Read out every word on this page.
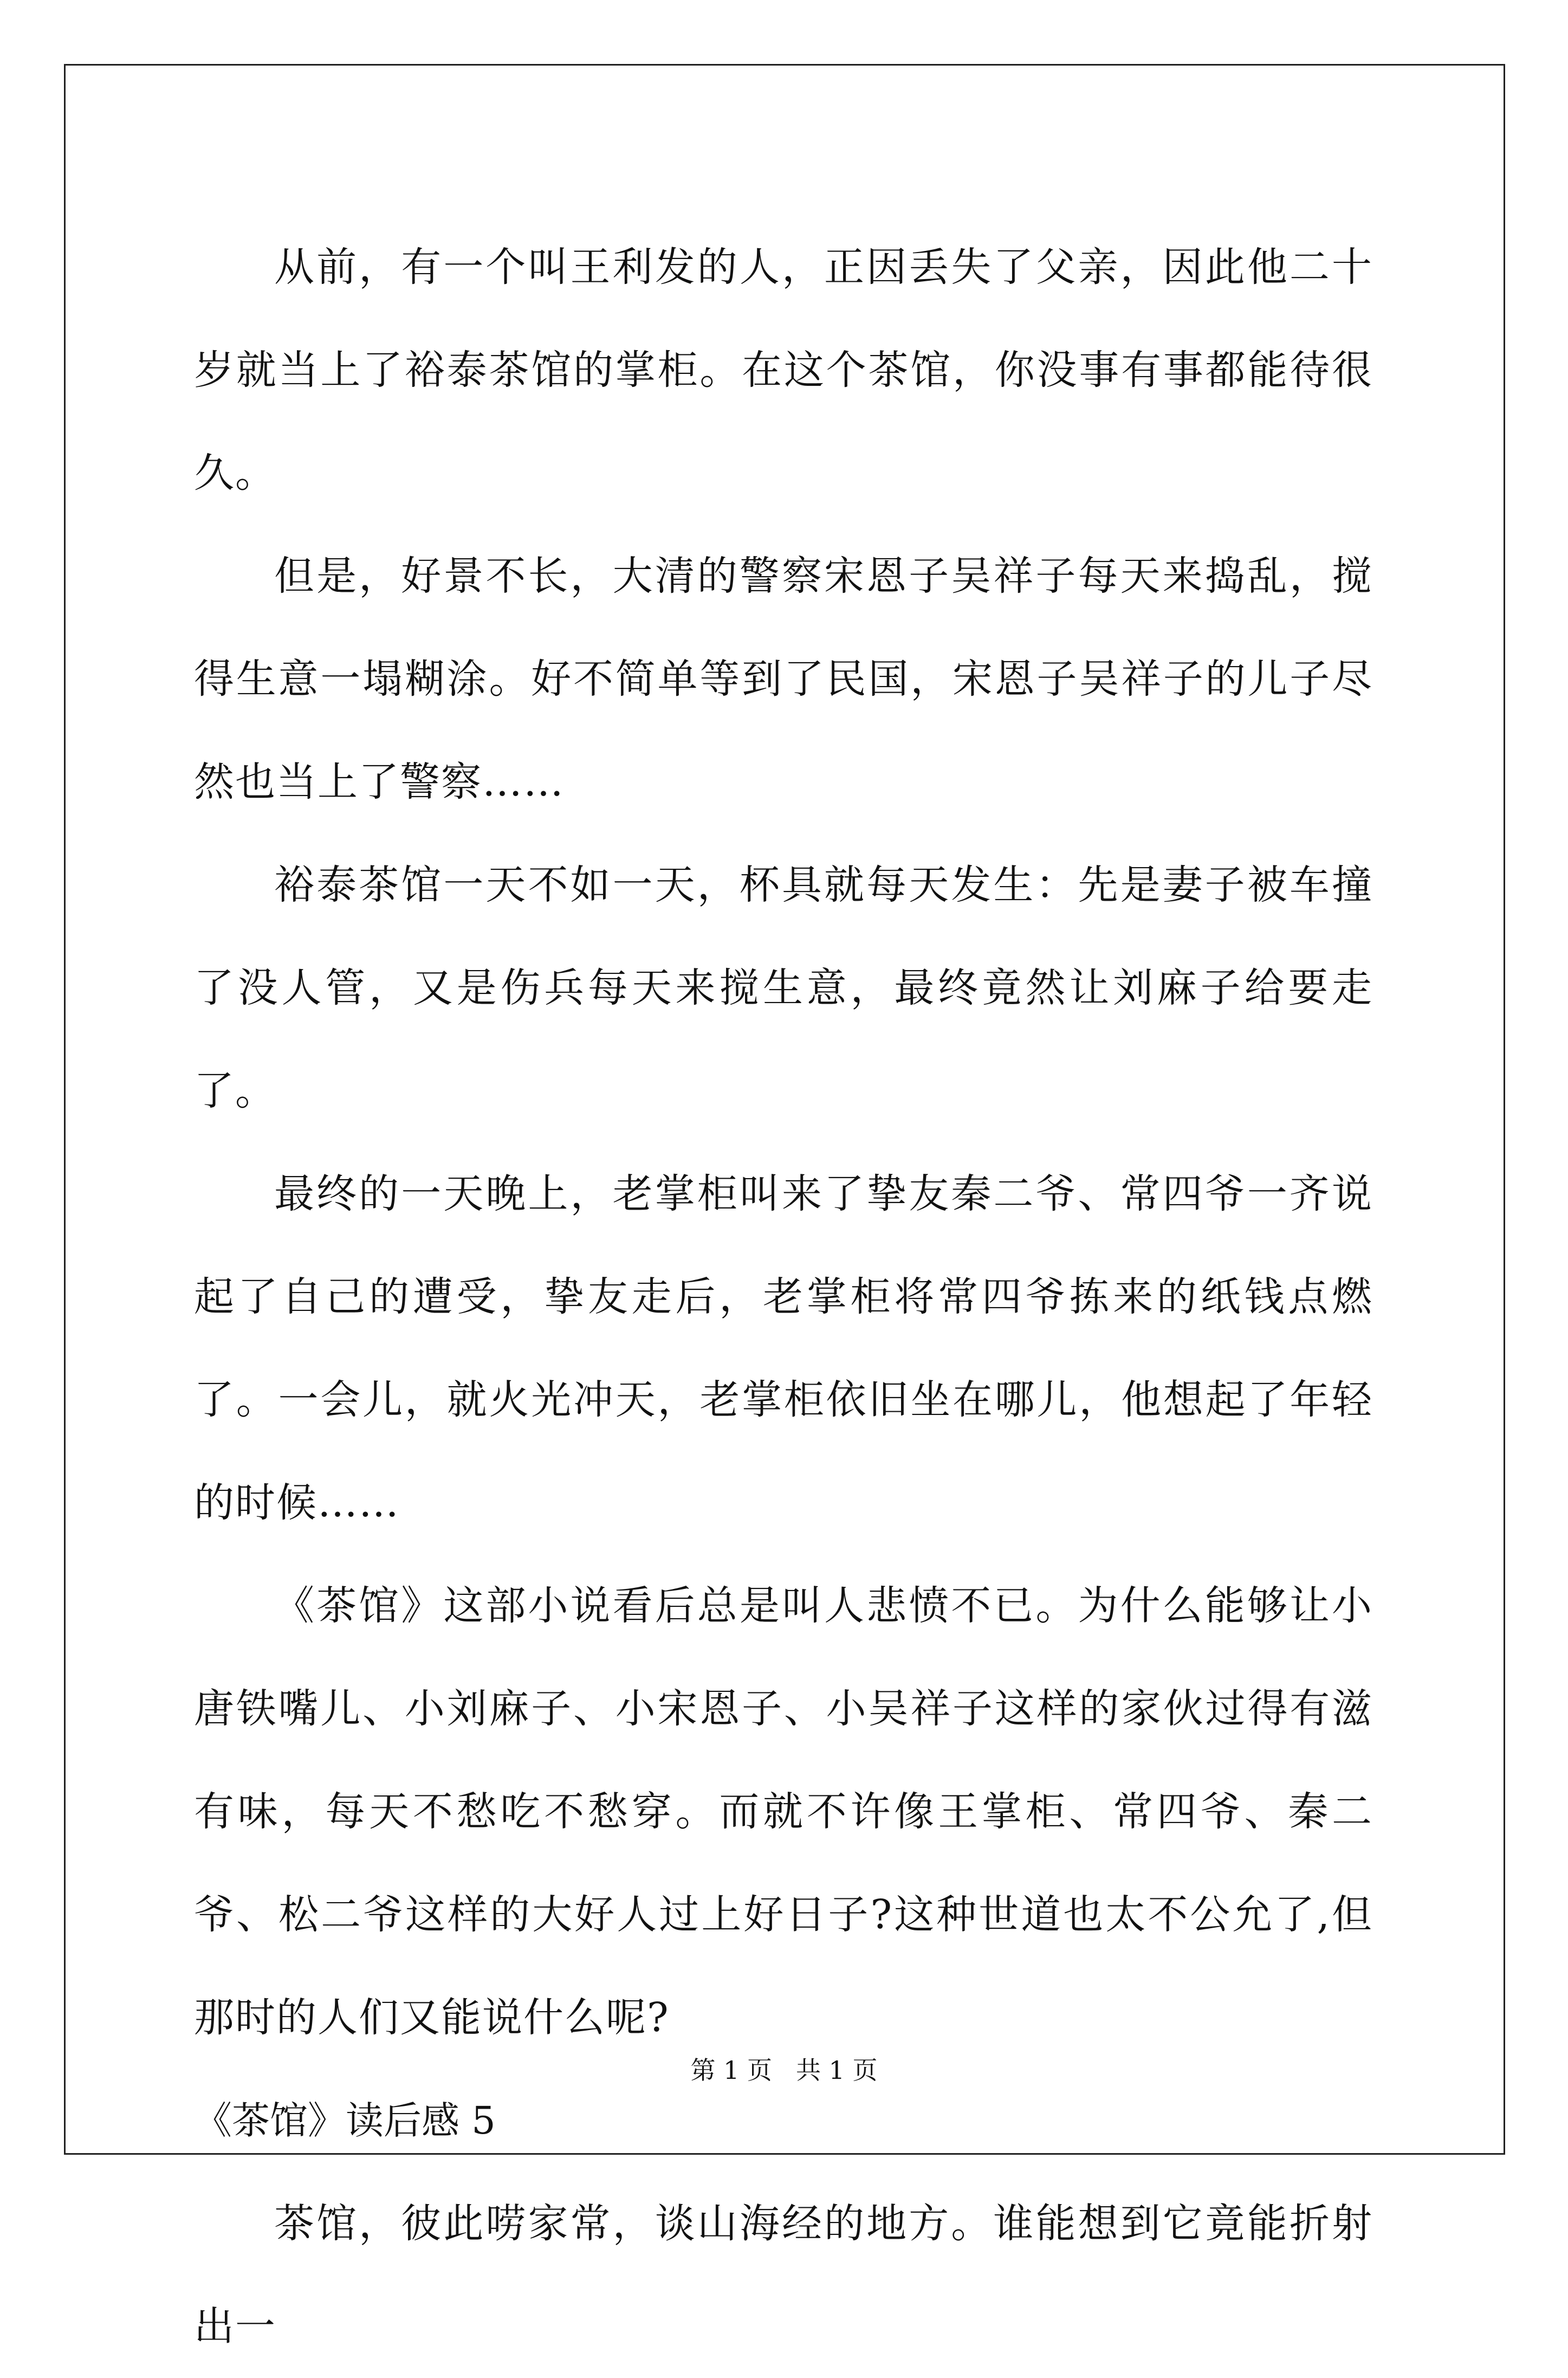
从前，有一个叫王利发的人，正因丢失了父亲，因此他二十岁就当上了裕泰茶馆的掌柜。在这个茶馆，你没事有事都能待很久。

但是，好景不长，大清的警察宋恩子吴祥子每天来捣乱，搅得生意一塌糊涂。好不简单等到了民国，宋恩子吴祥子的儿子尽然也当上了警察……

裕泰茶馆一天不如一天，杯具就每天发生：先是妻子被车撞了没人管，又是伤兵每天来搅生意，最终竟然让刘麻子给要走了。

最终的一天晚上，老掌柜叫来了挚友秦二爷、常四爷一齐说起了自己的遭受，挚友走后，老掌柜将常四爷拣来的纸钱点燃了。一会儿，就火光冲天，老掌柜依旧坐在哪儿，他想起了年轻的时候……

《茶馆》这部小说看后总是叫人悲愤不已。为什么能够让小唐铁嘴儿、小刘麻子、小宋恩子、小吴祥子这样的家伙过得有滋有味，每天不愁吃不愁穿。而就不许像王掌柜、常四爷、秦二爷、松二爷这样的大好人过上好日子?这种世道也太不公允了,但那时的人们又能说什么呢?

《茶馆》读后感 5

茶馆，彼此唠家常，谈山海经的地方。谁能想到它竟能折射出一

第 1 页 共 1 页
